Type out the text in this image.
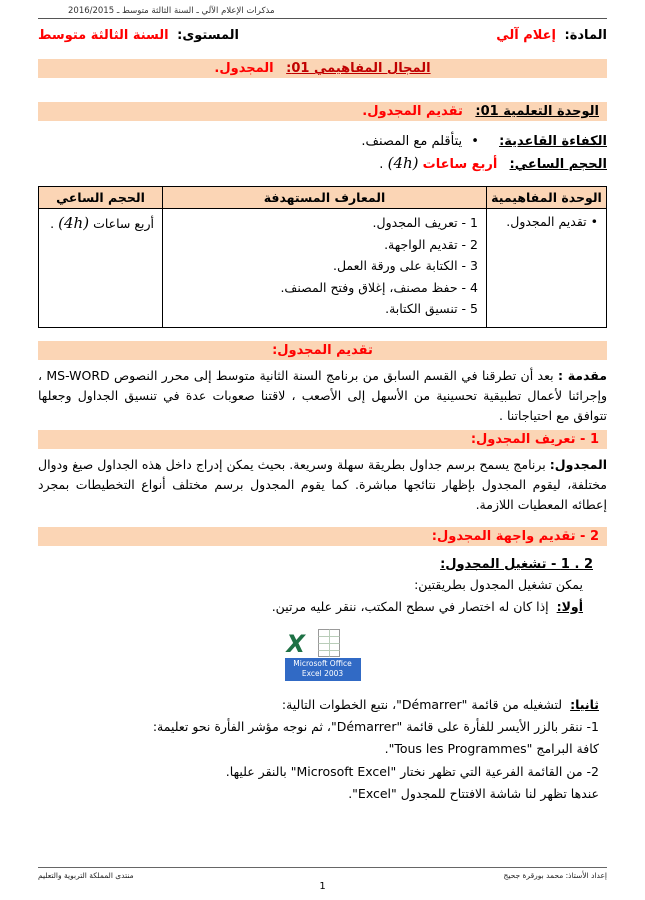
مذكرات الإعلام الآلي ـ السنة الثالثة متوسط ـ 2016/2015
المادة: إعلام آلي
المستوى: السنة الثالثة متوسط
المجال المفاهيمي 01: المجدول.
الوحدة التعلمية 01: تقديم المجدول.
الكفاءة القاعدية: • يتأقلم مع المصنف.
الحجم الساعي: أربع ساعات (4h) .
الوحدة المفاهيمية	المعارف المستهدفة	الحجم الساعي
• تقديم المجدول.	1 - تعريف المجدول.
2 - تقديم الواجهة.
3 - الكتابة على ورقة العمل.
4 - حفظ مصنف، إغلاق وفتح المصنف.
5 - تنسيق الكتابة.	أربع ساعات (4h) .
تقديم المجدول:
مقدمة : بعد أن تطرقنا في القسم السابق من برنامج السنة الثانية متوسط إلى محرر النصوص MS-WORD ، وإجرائنا لأعمال تطبيقية تحسينية من الأسهل إلى الأصعب ، لاقتنا صعوبات عدة في تنسيق الجداول وجعلها تتوافق مع احتياجاتنا .
1 - تعريف المجدول:
المجدول: برنامج يسمح برسم جداول بطريقة سهلة وسريعة. بحيث يمكن إدراج داخل هذه الجداول صيغ ودوال مختلفة، ليقوم المجدول بإظهار نتائجها مباشرة. كما يقوم المجدول برسم مختلف أنواع التخطيطات بمجرد إعطائه المعطيات اللازمة.
2 - تقديم واجهة المجدول:
2 . 1 - تشغيل المجدول:
يمكن تشغيل المجدول بطريقتين:
أولا: إذا كان له اختصار في سطح المكتب، ننقر عليه مرتين.
X
Microsoft Office
Excel 2003
ثانيا: لتشغيله من قائمة "Démarrer"، نتبع الخطوات التالية:
1- ننقر بالزر الأيسر للفأرة على قائمة "Démarrer"، ثم نوجه مؤشر الفأرة نحو تعليمة:
كافة البرامج "Tous les Programmes".
2- من القائمة الفرعية التي تظهر نختار "Microsoft Excel" بالنقر عليها.
عندها تظهر لنا شاشة الافتتاح للمجدول "Excel".
إعداد الأستاذ: محمد بورقرة جحيج
منتدى المملكة التربوية والتعليم
1
